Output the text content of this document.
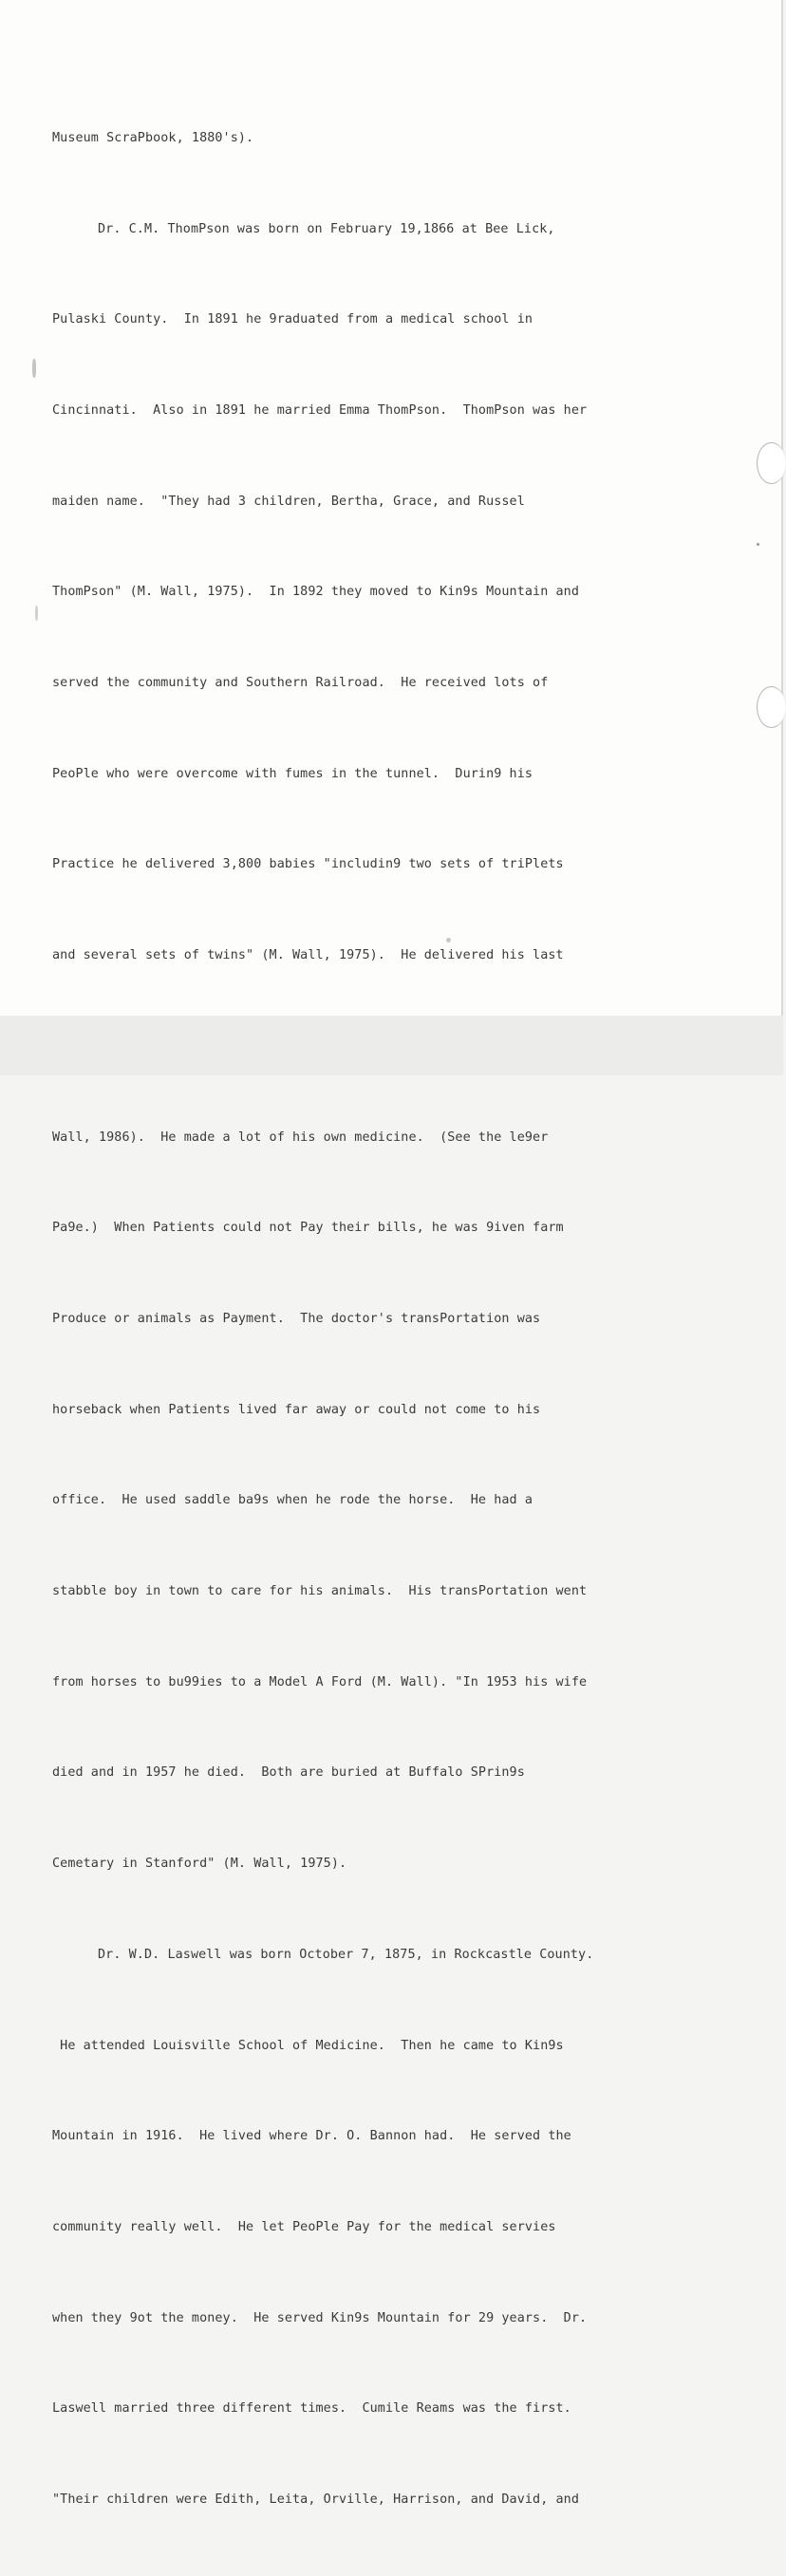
Museum ScraPbook, 1880's).

Dr. C.M. ThomPson was born on February 19,1866 at Bee Lick,

Pulaski County.  In 1891 he 9raduated from a medical school in

Cincinnati.  Also in 1891 he married Emma ThomPson.  ThomPson was her

maiden name.  "They had 3 children, Bertha, Grace, and Russel

ThomPson" (M. Wall, 1975).  In 1892 they moved to Kin9s Mountain and

served the community and Southern Railroad.  He received lots of

PeoPle who were overcome with fumes in the tunnel.  Durin9 his

Practice he delivered 3,800 babies "includin9 two sets of triPlets

and several sets of twins" (M. Wall, 1975).  He delivered his last

Wall, 1986).  He made a lot of his own medicine.  (See the le9er

Pa9e.)  When Patients could not Pay their bills, he was 9iven farm

Produce or animals as Payment.  The doctor's transPortation was

horseback when Patients lived far away or could not come to his

office.  He used saddle ba9s when he rode the horse.  He had a

stabble boy in town to care for his animals.  His transPortation went

from horses to bu99ies to a Model A Ford (M. Wall). "In 1953 his wife

died and in 1957 he died.  Both are buried at Buffalo SPrin9s

Cemetary in Stanford" (M. Wall, 1975).

Dr. W.D. Laswell was born October 7, 1875, in Rockcastle County.

He attended Louisville School of Medicine.  Then he came to Kin9s

Mountain in 1916.  He lived where Dr. O. Bannon had.  He served the

community really well.  He let PeoPle Pay for the medical servies

when they 9ot the money.  He served Kin9s Mountain for 29 years.  Dr.

Laswell married three different times.  Cumile Reams was the first.

"Their children were Edith, Leita, Orville, Harrison, and David, and
